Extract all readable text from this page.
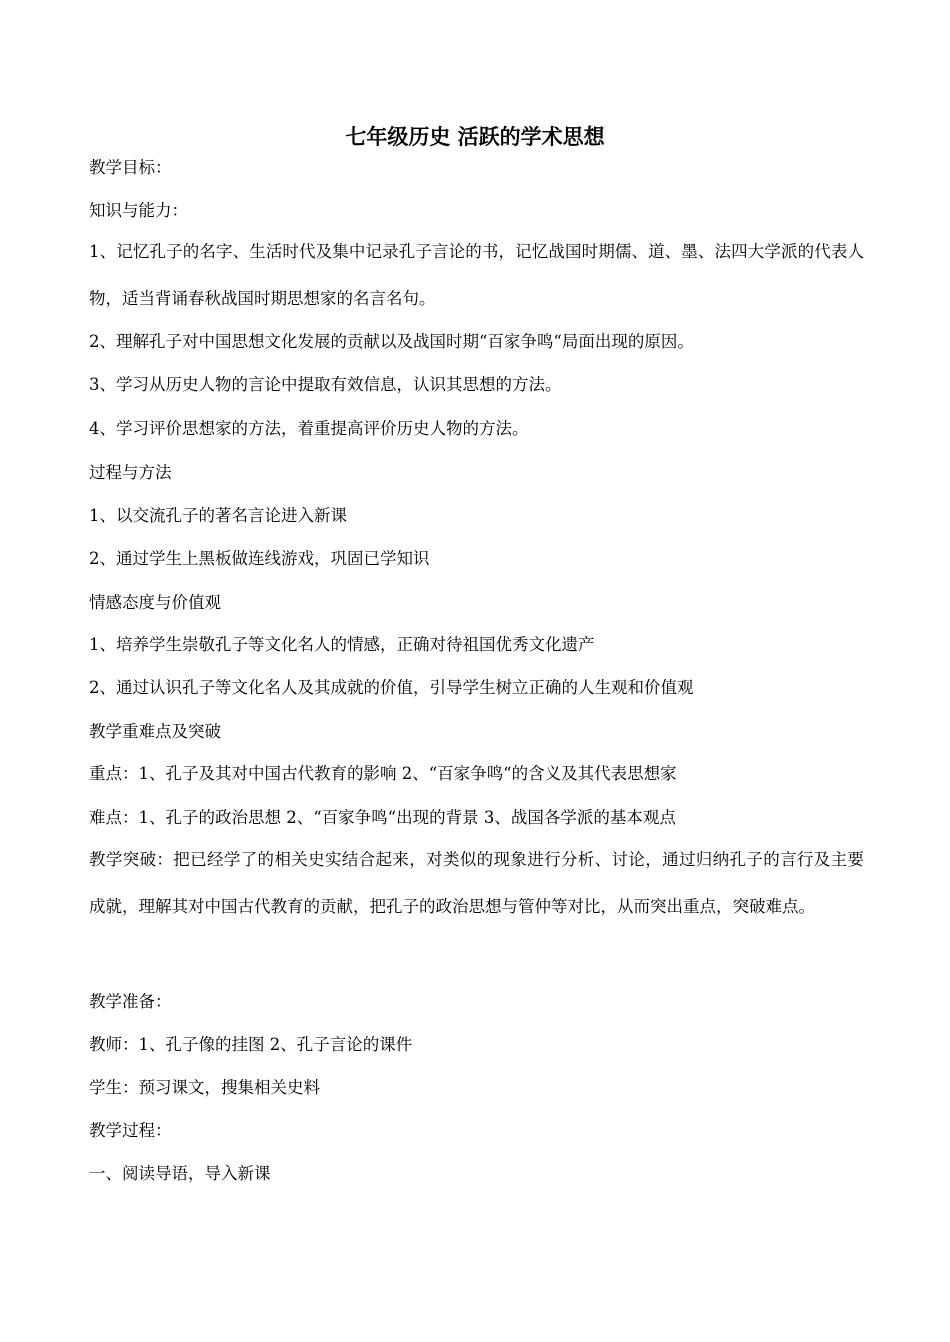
七年级历史 活跃的学术思想
教学目标：
知识与能力：
1、记忆孔子的名字、生活时代及集中记录孔子言论的书，记忆战国时期儒、道、墨、法四大学派的代表人物，适当背诵春秋战国时期思想家的名言名句。
2、理解孔子对中国思想文化发展的贡献以及战国时期“百家争鸣“局面出现的原因。
3、学习从历史人物的言论中提取有效信息，认识其思想的方法。
4、学习评价思想家的方法，着重提高评价历史人物的方法。
过程与方法
1、以交流孔子的著名言论进入新课
2、通过学生上黑板做连线游戏，巩固已学知识
情感态度与价值观
1、培养学生崇敬孔子等文化名人的情感，正确对待祖国优秀文化遗产
2、通过认识孔子等文化名人及其成就的价值，引导学生树立正确的人生观和价值观
教学重难点及突破
重点：1、孔子及其对中国古代教育的影响 2、“百家争鸣“的含义及其代表思想家
难点：1、孔子的政治思想 2、“百家争鸣“出现的背景 3、战国各学派的基本观点
教学突破：把已经学了的相关史实结合起来，对类似的现象进行分析、讨论，通过归纳孔子的言行及主要成就，理解其对中国古代教育的贡献，把孔子的政治思想与管仲等对比，从而突出重点，突破难点。
教学准备：
教师：1、孔子像的挂图 2、孔子言论的课件
学生：预习课文，搜集相关史料
教学过程：
一、阅读导语，导入新课
